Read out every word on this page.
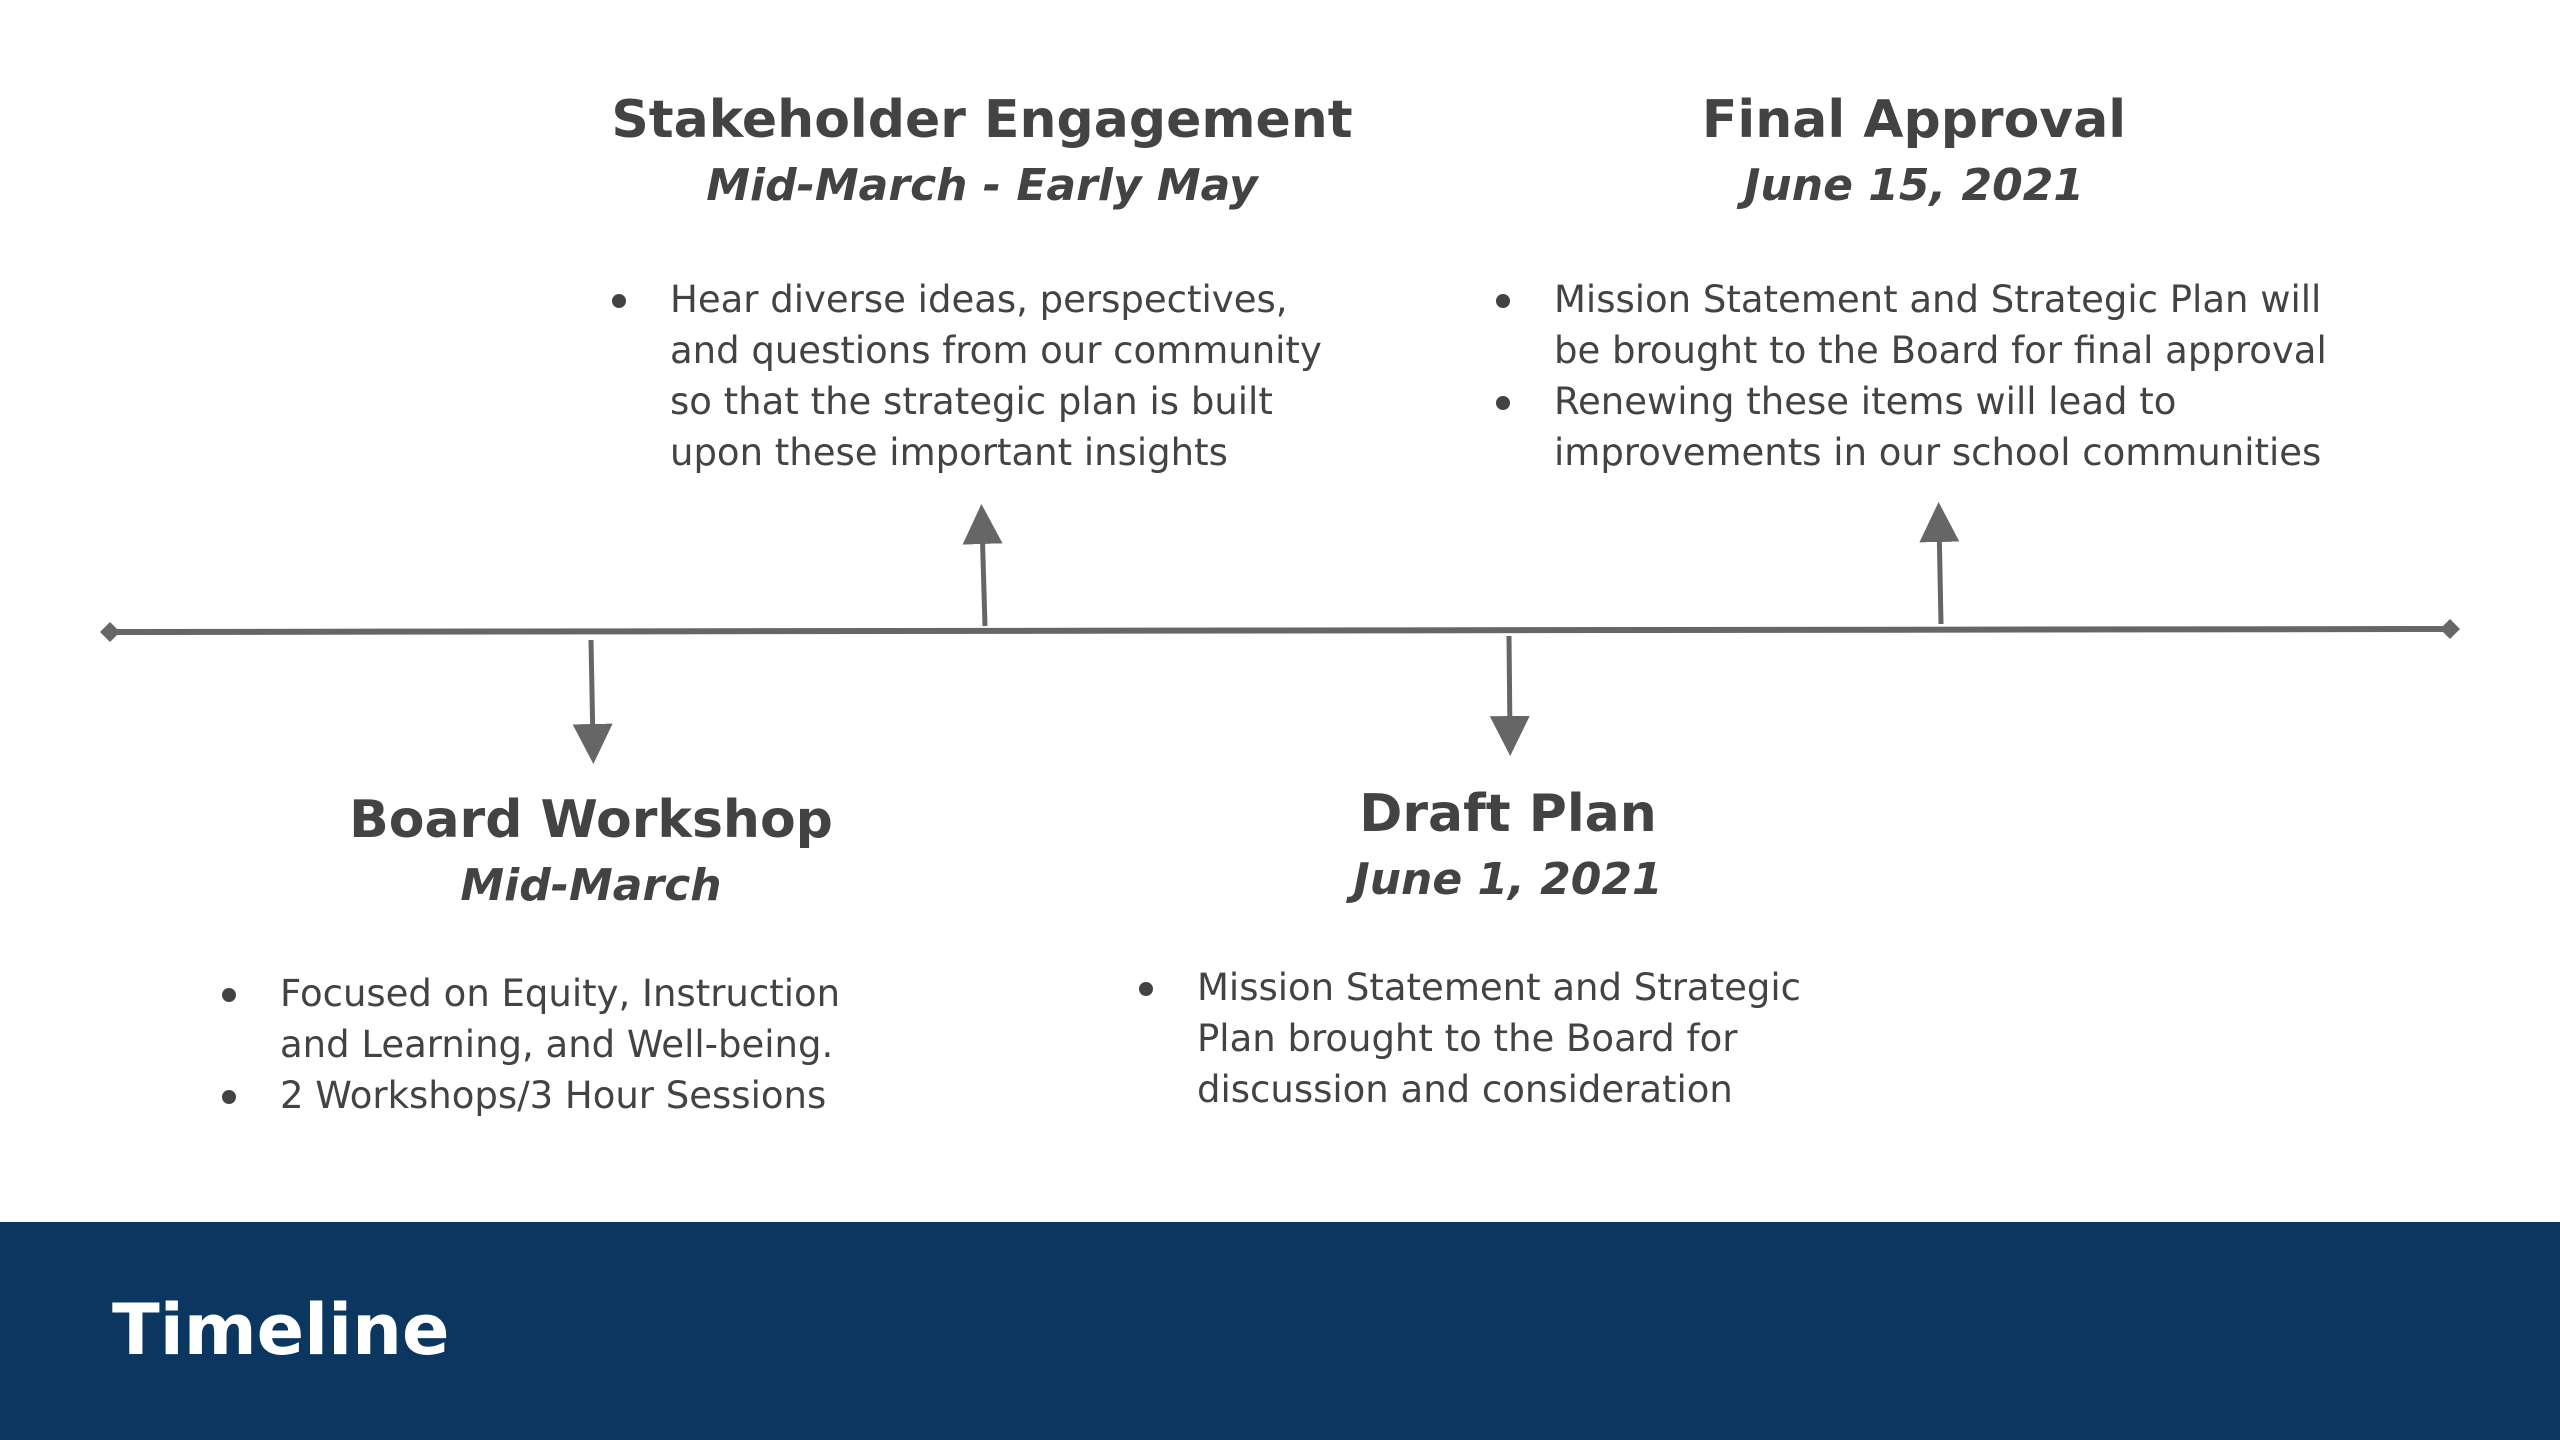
Board Workshop
Mid-March
Focused on Equity, Instruction
and Learning, and Well-being.
2 Workshops/3 Hour Sessions
Stakeholder Engagement
Mid-March - Early May
Hear diverse ideas, perspectives,
and questions from our community
so that the strategic plan is built
upon these important insights
Draft Plan
June 1, 2021
Mission Statement and Strategic
Plan brought to the Board for
discussion and consideration
Final Approval
June 15, 2021
Mission Statement and Strategic Plan will
be brought to the Board for final approval
Renewing these items will lead to
improvements in our school communities
Timeline
